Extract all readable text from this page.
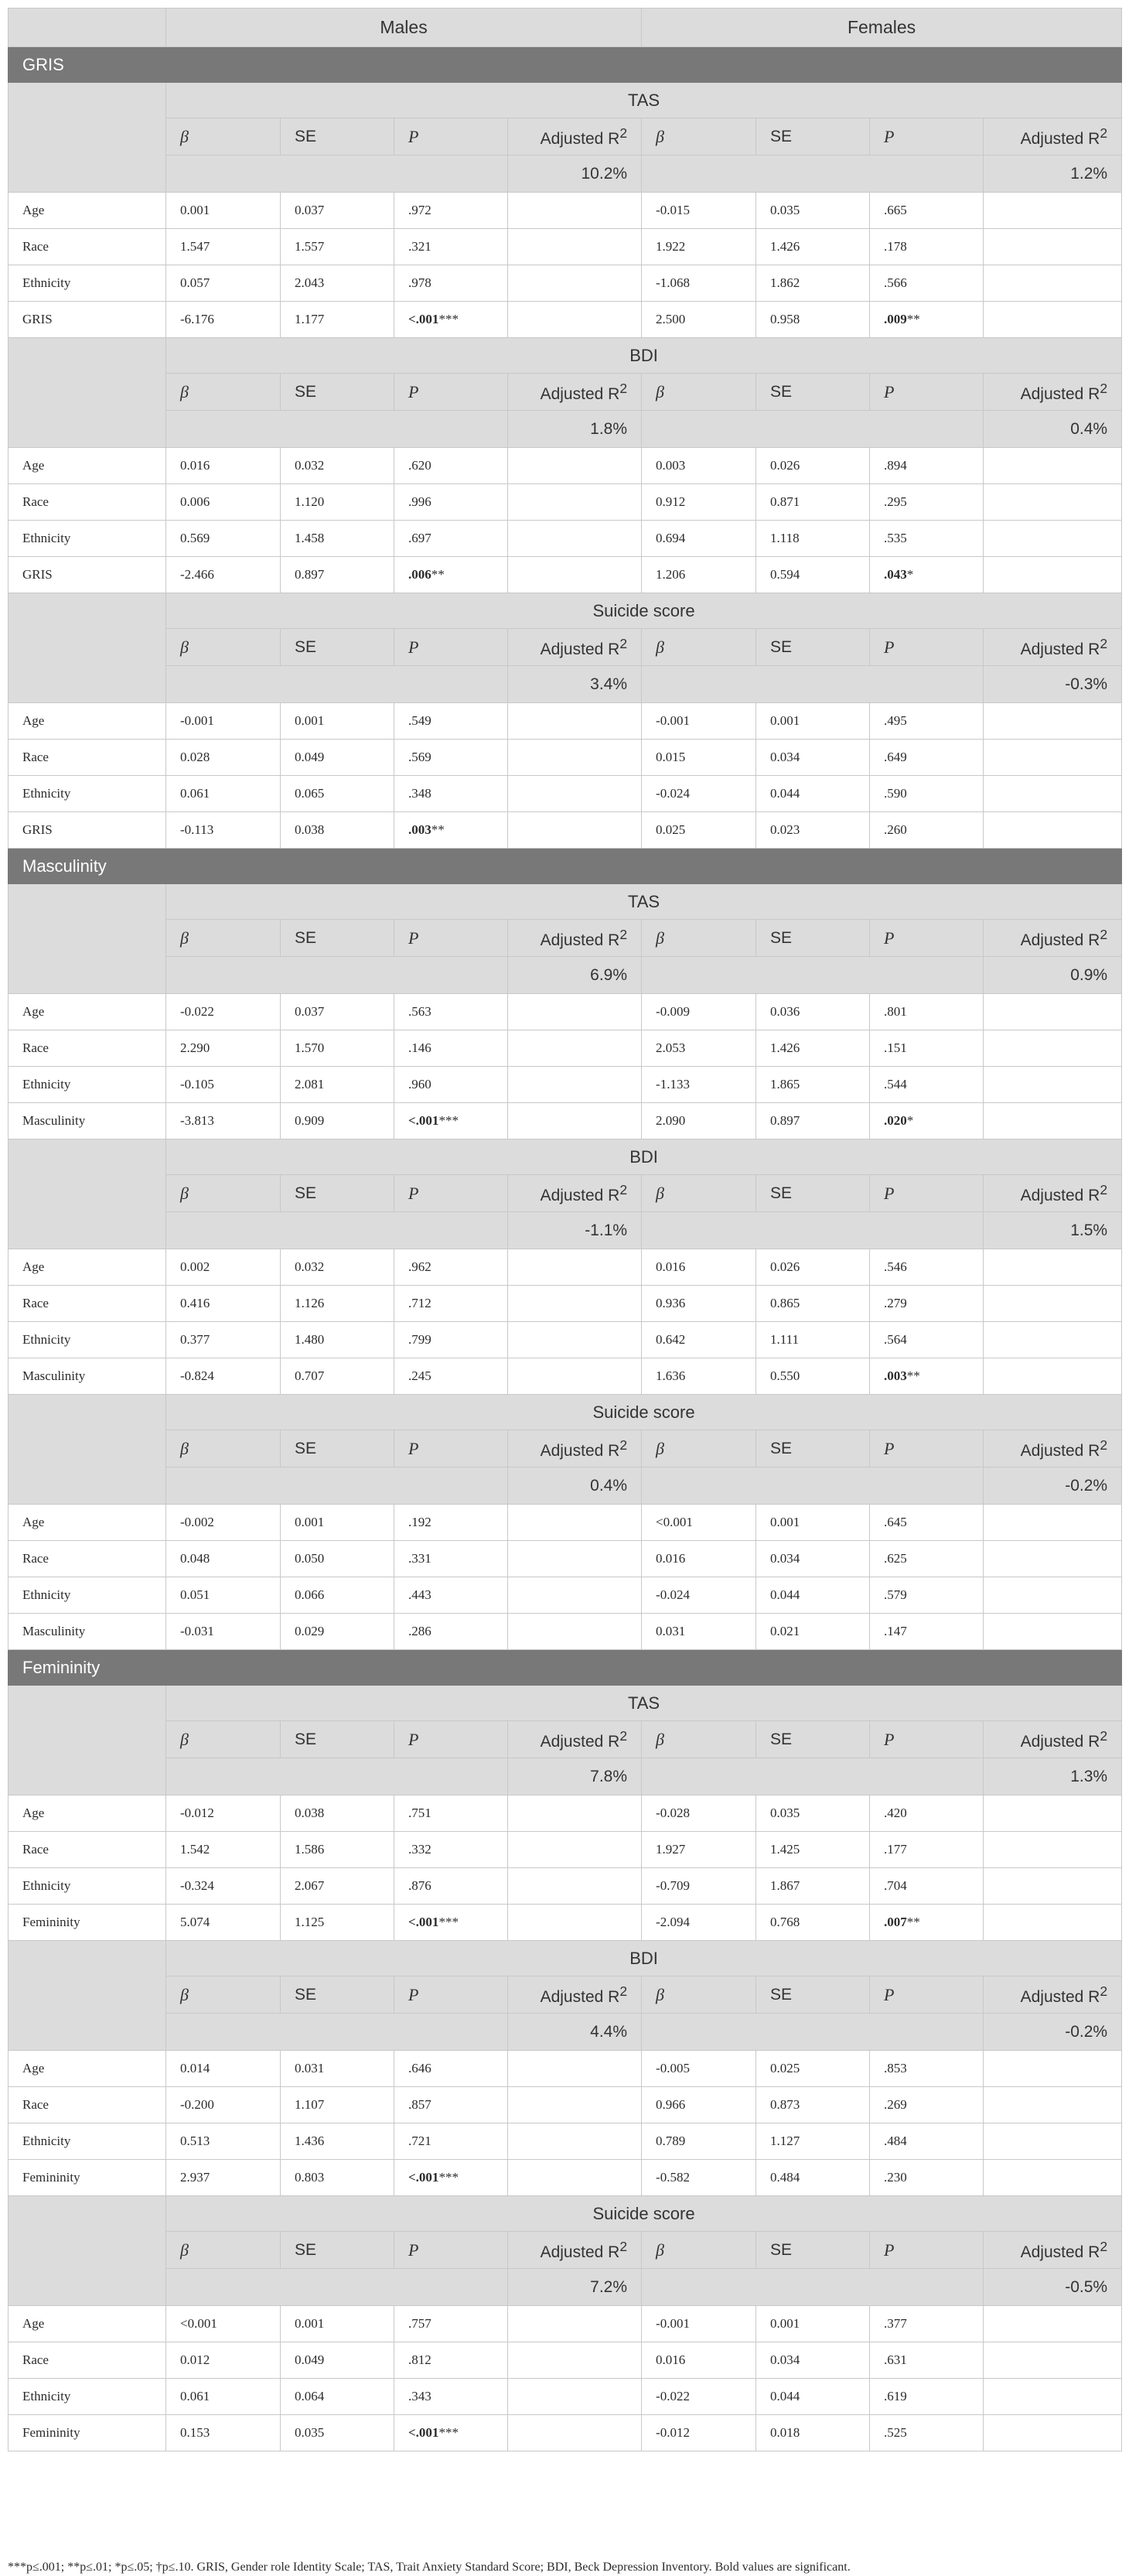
	Males				Females			
GRIS								
	TAS							
	β	SE	P	Adjusted $R^2$	β	SE	P	Adjusted $R^2$
				10.2%				1.2%
Age	0.001	0.037	.972		-0.015	0.035	.665	
Race	1.547	1.557	.321		1.922	1.426	.178	
Ethnicity	0.057	2.043	.978		-1.068	1.862	.566	
GRIS	-6.176	1.177	<.001***		2.500	0.958	.009**	
	BDI							
	β	SE	P	Adjusted $R^2$	β	SE	P	Adjusted $R^2$
				1.8%				0.4%
Age	0.016	0.032	.620		0.003	0.026	.894	
Race	0.006	1.120	.996		0.912	0.871	.295	
Ethnicity	0.569	1.458	.697		0.694	1.118	.535	
GRIS	-2.466	0.897	.006**		1.206	0.594	.043*	
	Suicide score							
	β	SE	P	Adjusted $R^2$	β	SE	P	Adjusted $R^2$
				3.4%				-0.3%
Age	-0.001	0.001	.549		-0.001	0.001	.495	
Race	0.028	0.049	.569		0.015	0.034	.649	
Ethnicity	0.061	0.065	.348		-0.024	0.044	.590	
GRIS	-0.113	0.038	.003**		0.025	0.023	.260	
Masculinity								
	TAS							
	β	SE	P	Adjusted $R^2$	β	SE	P	Adjusted $R^2$
				6.9%				0.9%
Age	-0.022	0.037	.563		-0.009	0.036	.801	
Race	2.290	1.570	.146		2.053	1.426	.151	
Ethnicity	-0.105	2.081	.960		-1.133	1.865	.544	
Masculinity	-3.813	0.909	<.001***		2.090	0.897	.020*	
	BDI							
	β	SE	P	Adjusted $R^2$	β	SE	P	Adjusted $R^2$
				-1.1%				1.5%
Age	0.002	0.032	.962		0.016	0.026	.546	
Race	0.416	1.126	.712		0.936	0.865	.279	
Ethnicity	0.377	1.480	.799		0.642	1.111	.564	
Masculinity	-0.824	0.707	.245		1.636	0.550	.003**	
	Suicide score							
	β	SE	P	Adjusted $R^2$	β	SE	P	Adjusted $R^2$
				0.4%				-0.2%
Age	-0.002	0.001	.192		<0.001	0.001	.645	
Race	0.048	0.050	.331		0.016	0.034	.625	
Ethnicity	0.051	0.066	.443		-0.024	0.044	.579	
Masculinity	-0.031	0.029	.286		0.031	0.021	.147	
Femininity								
	TAS							
	β	SE	P	Adjusted $R^2$	β	SE	P	Adjusted $R^2$
				7.8%				1.3%
Age	-0.012	0.038	.751		-0.028	0.035	.420	
Race	1.542	1.586	.332		1.927	1.425	.177	
Ethnicity	-0.324	2.067	.876		-0.709	1.867	.704	
Femininity	5.074	1.125	<.001***		-2.094	0.768	.007**	
	BDI							
	β	SE	P	Adjusted $R^2$	β	SE	P	Adjusted $R^2$
				4.4%				-0.2%
Age	0.014	0.031	.646		-0.005	0.025	.853	
Race	-0.200	1.107	.857		0.966	0.873	.269	
Ethnicity	0.513	1.436	.721		0.789	1.127	.484	
Femininity	2.937	0.803	<.001***		-0.582	0.484	.230	
	Suicide score							
	β	SE	P	Adjusted $R^2$	β	SE	P	Adjusted $R^2$
				7.2%				-0.5%
Age	<0.001	0.001	.757		-0.001	0.001	.377	
Race	0.012	0.049	.812		0.016	0.034	.631	
Ethnicity	0.061	0.064	.343		-0.022	0.044	.619	
Femininity	0.153	0.035	<.001***		-0.012	0.018	.525	
***p≤.001; **p≤.01; *p≤.05; †p≤.10. GRIS, Gender role Identity Scale; TAS, Trait Anxiety Standard Score; BDI, Beck Depression Inventory. Bold values are significant.
